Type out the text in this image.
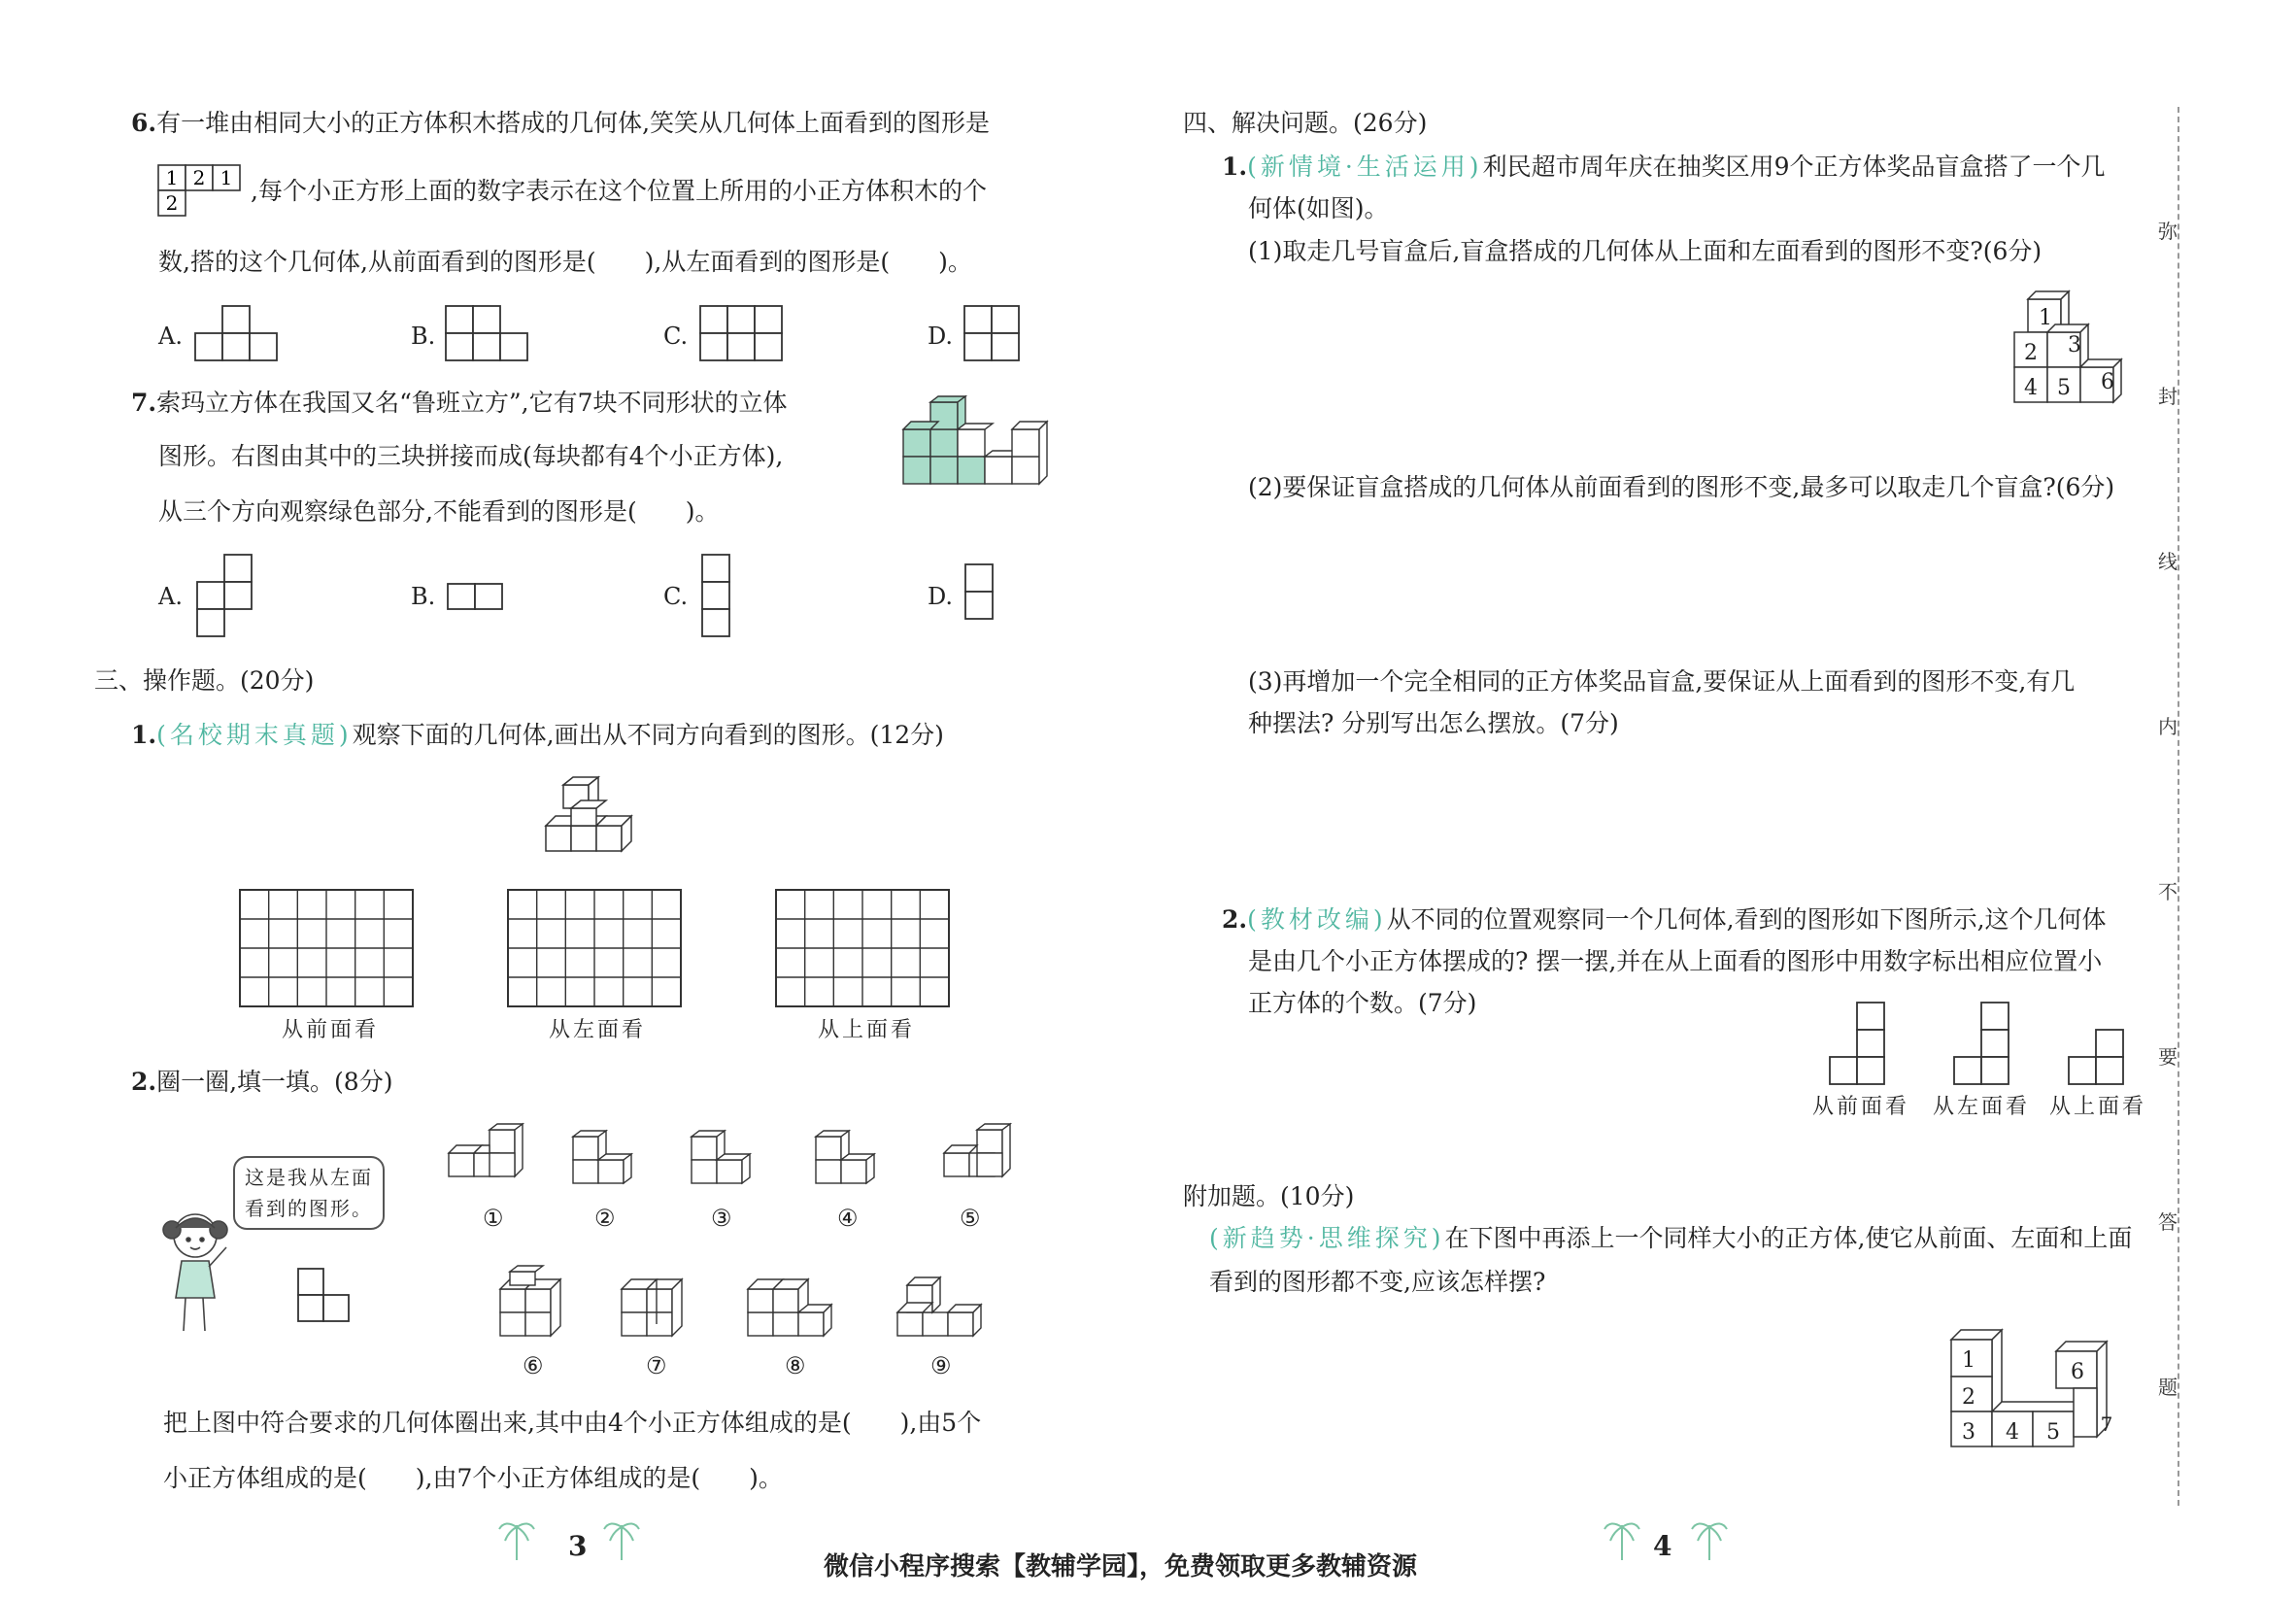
6.有一堆由相同大小的正方体积木搭成的几何体,笑笑从几何体上面看到的图形是
1 2 1
2	,每个小正方形上面的数字表示在这个位置上所用的小正方体积木的个
数,搭的这个几何体,从前面看到的图形是(　　),从左面看到的图形是(　　)。
A.	B.	C.	D.
7.索玛立方体在我国又名“鲁班立方”,它有7块不同形状的立体
图形。右图由其中的三块拼接而成(每块都有4个小正方体),
从三个方向观察绿色部分,不能看到的图形是(　　)。
A.	B.	C.	D.
三、操作题。(20分)
1.(名校期末真题)观察下面的几何体,画出从不同方向看到的图形。(12分)
从前面看	从左面看	从上面看
2.圈一圈,填一填。(8分)
这是我从左面
看到的图形。	①	②	③	④	⑤
⑥	⑦	⑧	⑨
把上图中符合要求的几何体圈出来,其中由4个小正方体组成的是(　　),由5个
小正方体组成的是(　　),由7个小正方体组成的是(　　)。
3
四、解决问题。(26分)
1.(新情境·生活运用)利民超市周年庆在抽奖区用9个正方体奖品盲盒搭了一个几
何体(如图)。
(1)取走几号盲盒后,盲盒搭成的几何体从上面和左面看到的图形不变?(6分)
1
2 3
4 5 6
(2)要保证盲盒搭成的几何体从前面看到的图形不变,最多可以取走几个盲盒?(6分)
(3)再增加一个完全相同的正方体奖品盲盒,要保证从上面看到的图形不变,有几
种摆法? 分别写出怎么摆放。(7分)
2.(教材改编)从不同的位置观察同一个几何体,看到的图形如下图所示,这个几何体
是由几个小正方体摆成的? 摆一摆,并在从上面看的图形中用数字标出相应位置小
正方体的个数。(7分)
从前面看 从左面看 从上面看
附加题。(10分)
(新趋势·思维探究)在下图中再添上一个同样大小的正方体,使它从前面、左面和上面
看到的图形都不变,应该怎样摆?
1
2
3 4 5
6
7
4
弥
封
线
内
不
要
答
题
微信小程序搜索【教辅学园】，免费领取更多教辅资源
